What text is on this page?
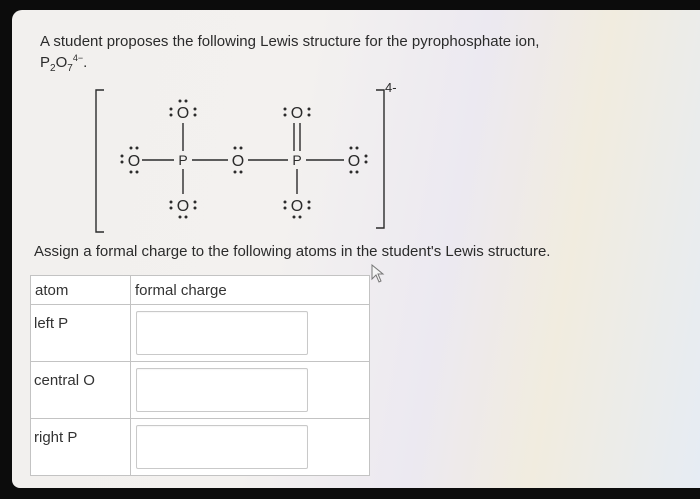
A student proposes the following Lewis structure for the pyrophosphate ion,
$P_2O_7^{4-}$.
O	P	O	P	O
O
O
O
O
4-
Assign a formal charge to the following atoms in the student's Lewis structure.
atom	formal charge

left P

central O

right P
